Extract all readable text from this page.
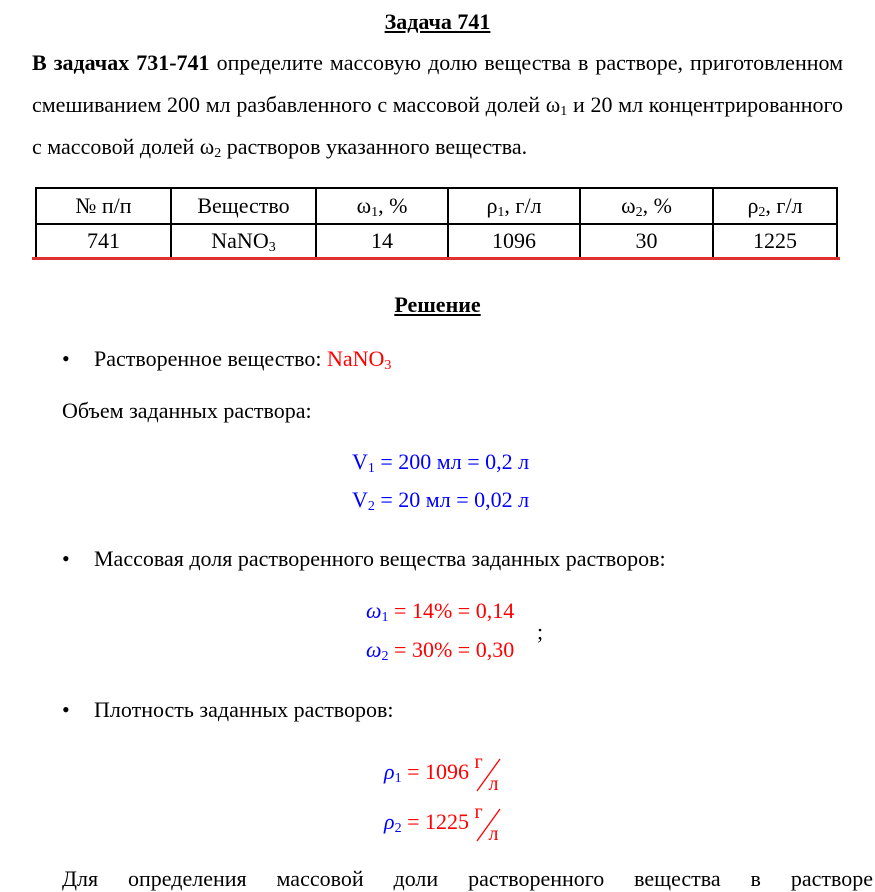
Задача 741
В задачах 731-741 определите массовую долю вещества в растворе, приготовленном смешиванием 200 мл разбавленного с массовой долей $\omega_1$ и 20 мл концентрированного с массовой долей $\omega_2$ растворов указанного вещества.
№ п/п	Вещество	$\omega_1$, %	$\rho_1$, г/л	$\omega_2$, %	$\rho_2$, г/л
741	NaNO$_3$	14	1096	30	1225
Решение
• Растворенное вещество: NaNO$_3$
Объем заданных раствора:
$V_1 = 200$ мл = 0,2 л
$V_2 = 20$ мл = 0,02 л
• Массовая доля растворенного вещества заданных растворов:
$\omega_1 = 14\% = 0,14$
$\omega_2 = 30\% = 0,30$
;
• Плотность заданных растворов:
$\rho_1 = 1096$ г
л
$\rho_2 = 1225$ г
л
Для определения массовой доли растворенного вещества в растворе
